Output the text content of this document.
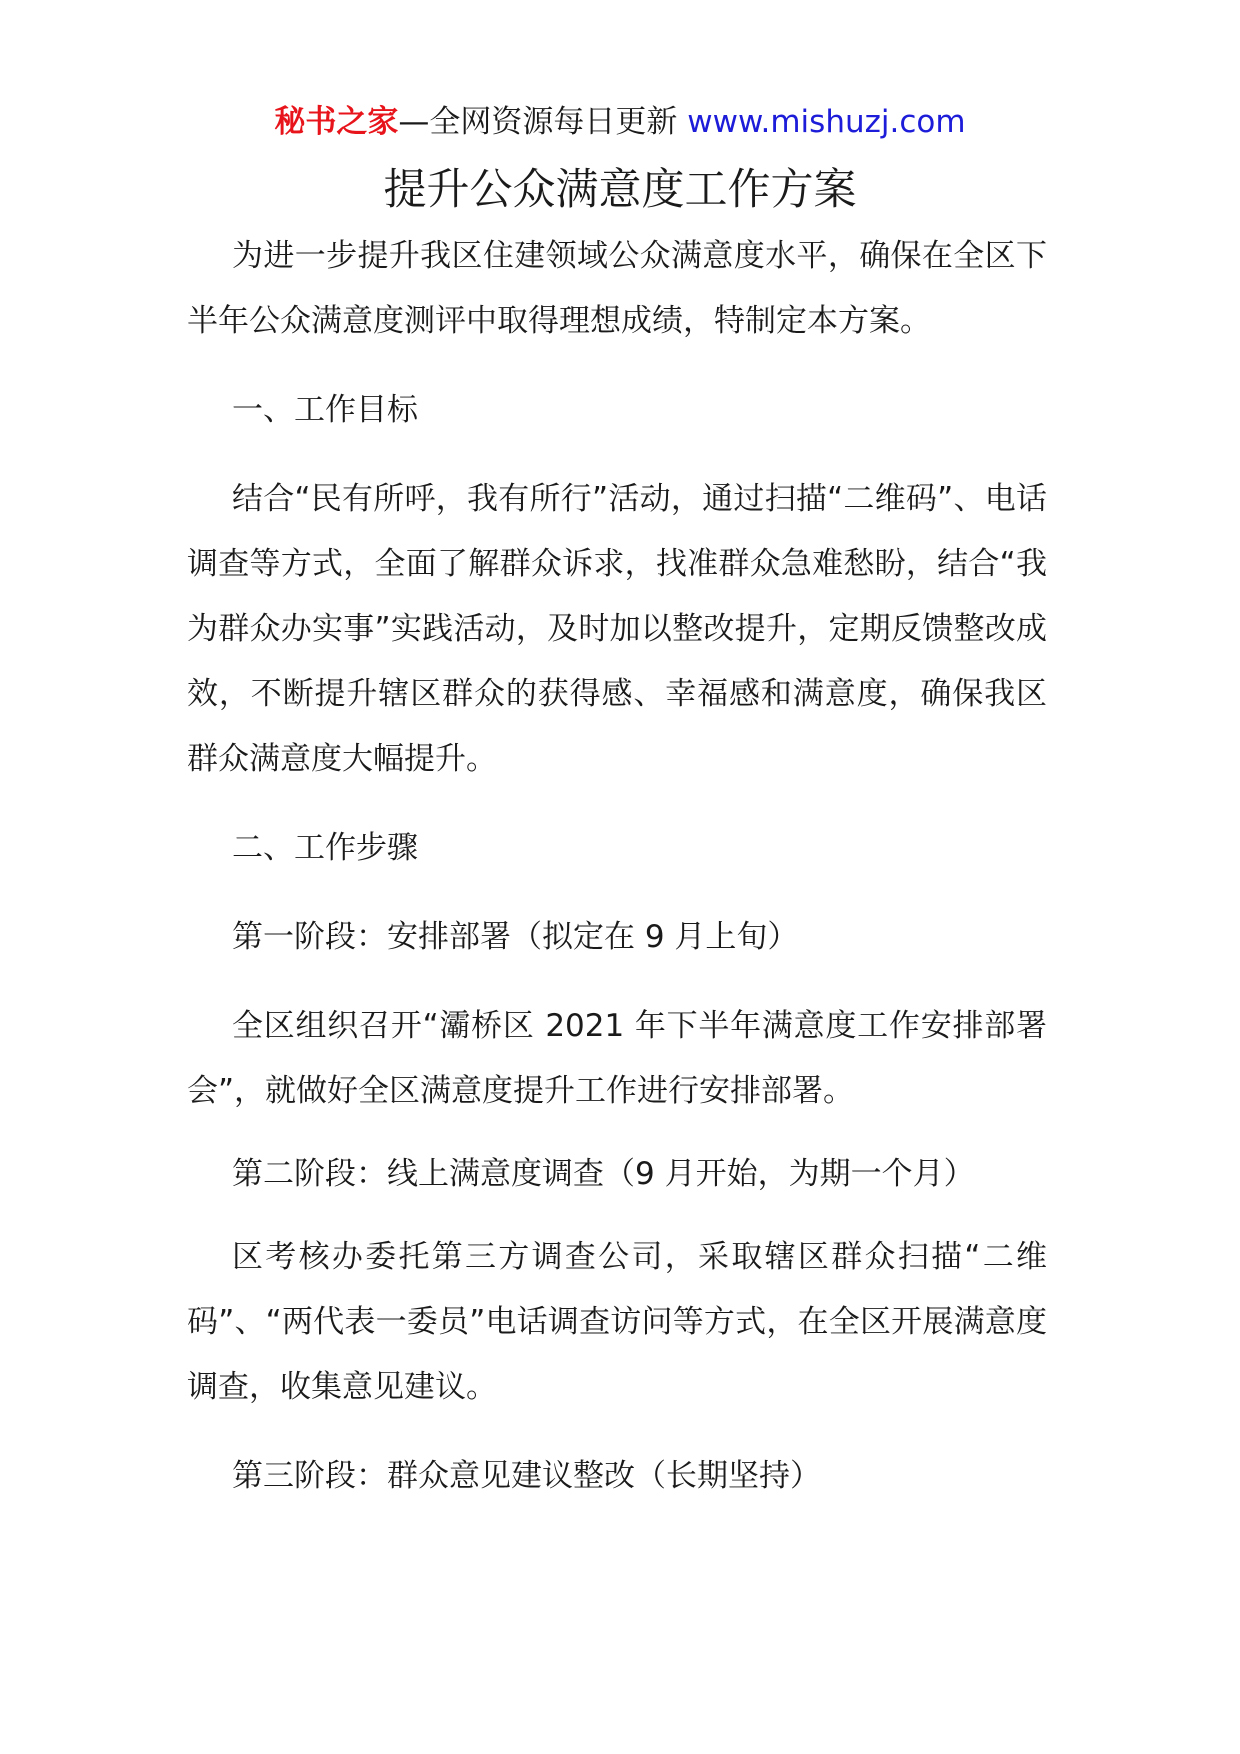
秘书之家—全网资源每日更新 www.mishuzj.com
提升公众满意度工作方案

为进一步提升我区住建领域公众满意度水平，确保在全区下半年公众满意度测评中取得理想成绩，特制定本方案。

一、工作目标

结合“民有所呼，我有所行”活动，通过扫描“二维码”、电话调查等方式，全面了解群众诉求，找准群众急难愁盼，结合“我为群众办实事”实践活动，及时加以整改提升，定期反馈整改成效，不断提升辖区群众的获得感、幸福感和满意度，确保我区群众满意度大幅提升。

二、工作步骤

第一阶段：安排部署（拟定在 9 月上旬）

全区组织召开“灞桥区 2021 年下半年满意度工作安排部署会”，就做好全区满意度提升工作进行安排部署。

第二阶段：线上满意度调查（9 月开始，为期一个月）

区考核办委托第三方调查公司，采取辖区群众扫描“二维码”、“两代表一委员”电话调查访问等方式，在全区开展满意度调查，收集意见建议。

第三阶段：群众意见建议整改（长期坚持）
